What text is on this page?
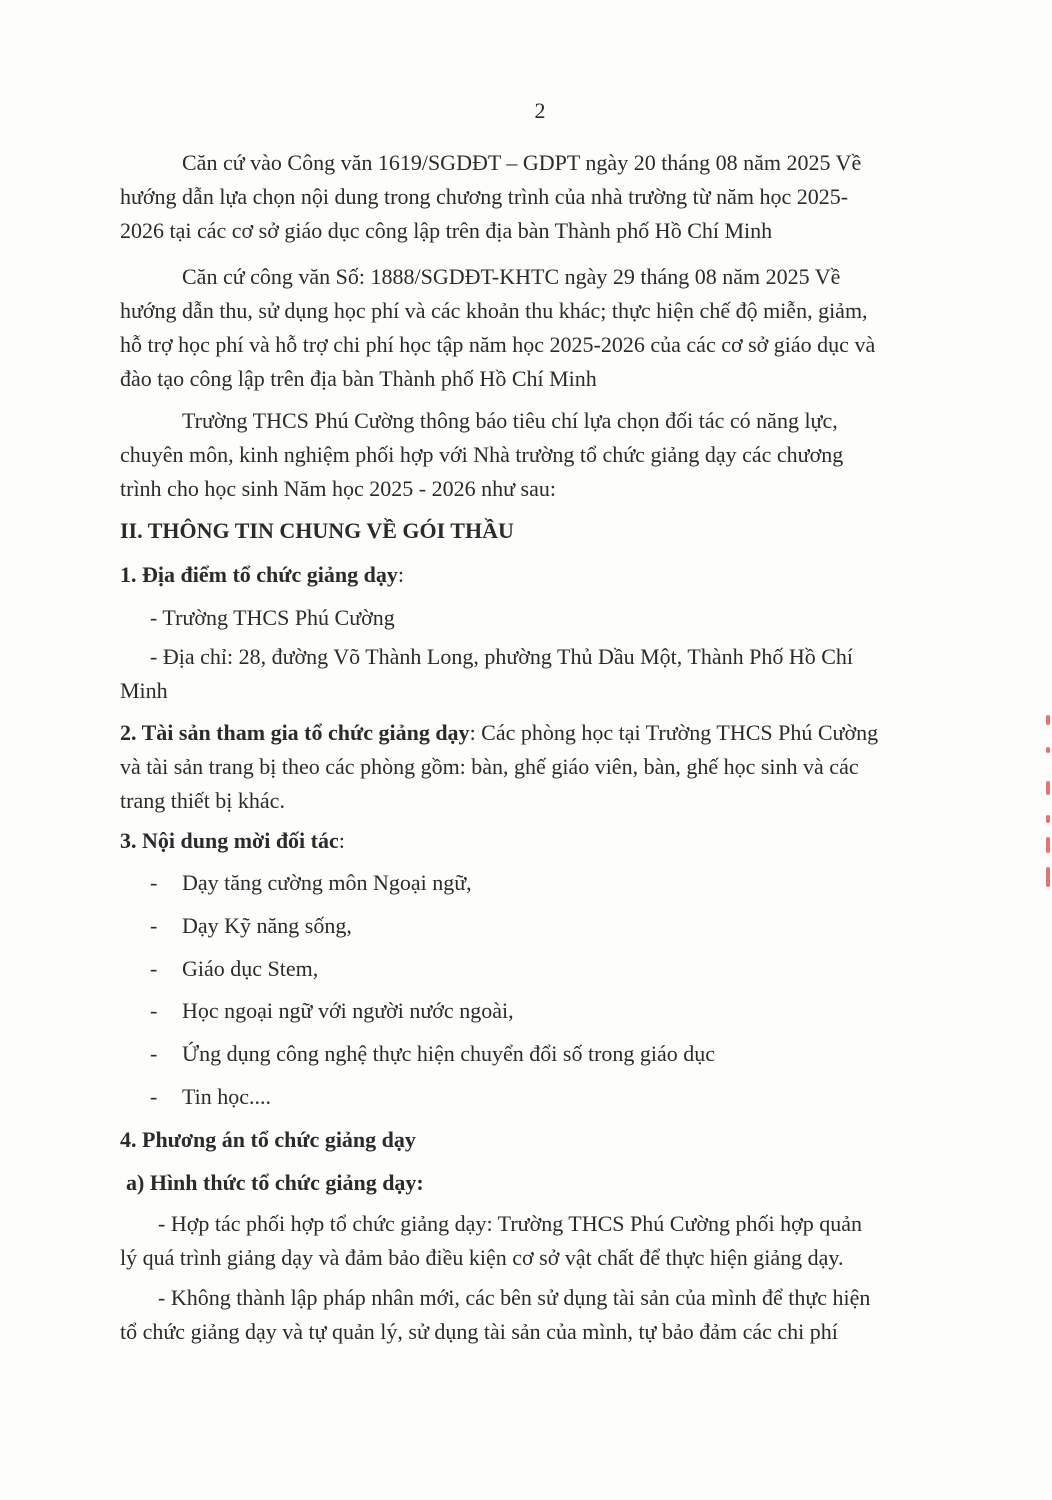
2

Căn cứ vào Công văn 1619/SGDĐT – GDPT ngày 20 tháng 08 năm 2025 Về
hướng dẫn lựa chọn nội dung trong chương trình của nhà trường từ năm học 2025-
2026 tại các cơ sở giáo dục công lập trên địa bàn Thành phố Hồ Chí Minh

Căn cứ công văn Số: 1888/SGDĐT-KHTC ngày 29 tháng 08 năm 2025 Về
hướng dẫn thu, sử dụng học phí và các khoản thu khác; thực hiện chế độ miễn, giảm,
hỗ trợ học phí và hỗ trợ chi phí học tập năm học 2025-2026 của các cơ sở giáo dục và
đào tạo công lập trên địa bàn Thành phố Hồ Chí Minh

Trường THCS Phú Cường thông báo tiêu chí lựa chọn đối tác có năng lực,
chuyên môn, kinh nghiệm phối hợp với Nhà trường tổ chức giảng dạy các chương
trình cho học sinh Năm học 2025 - 2026 như sau:

II. THÔNG TIN CHUNG VỀ GÓI THẦU

1. Địa điểm tổ chức giảng dạy:

- Trường THCS Phú Cường

- Địa chỉ: 28, đường Võ Thành Long, phường Thủ Dầu Một, Thành Phố Hồ Chí
Minh

2. Tài sản tham gia tổ chức giảng dạy: Các phòng học tại Trường THCS Phú Cường
và tài sản trang bị theo các phòng gồm: bàn, ghế giáo viên, bàn, ghế học sinh và các
trang thiết bị khác.

3. Nội dung mời đối tác:

- Dạy tăng cường môn Ngoại ngữ,
- Dạy Kỹ năng sống,
- Giáo dục Stem,
- Học ngoại ngữ với người nước ngoài,
- Ứng dụng công nghệ thực hiện chuyển đổi số trong giáo dục
- Tin học....

4. Phương án tổ chức giảng dạy

a) Hình thức tổ chức giảng dạy:

- Hợp tác phối hợp tổ chức giảng dạy: Trường THCS Phú Cường phối hợp quản
lý quá trình giảng dạy và đảm bảo điều kiện cơ sở vật chất để thực hiện giảng dạy.

- Không thành lập pháp nhân mới, các bên sử dụng tài sản của mình để thực hiện
tổ chức giảng dạy và tự quản lý, sử dụng tài sản của mình, tự bảo đảm các chi phí
